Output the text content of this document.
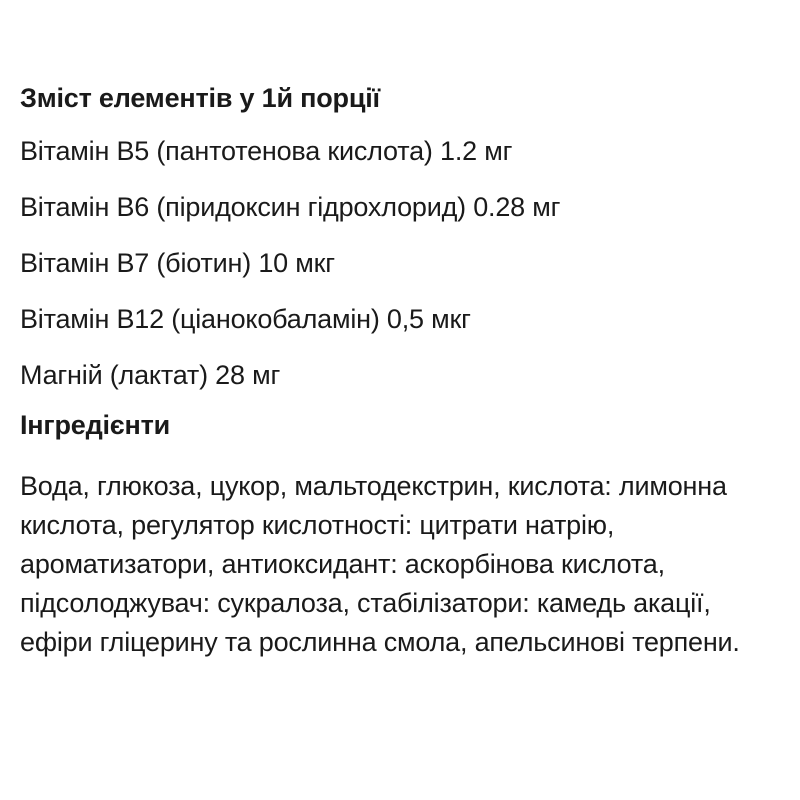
Зміст елементів у 1й порції

Вітамін B5 (пантотенова кислота) 1.2 мг

Вітамін B6 (піридоксин гідрохлорид) 0.28 мг

Вітамін B7 (біотин) 10 мкг

Вітамін B12 (ціанокобаламін) 0,5 мкг

Магній (лактат) 28 мг

Інгредієнти

Вода, глюкоза, цукор, мальтодекстрин, кислота: лимонна кислота, регулятор кислотності: цитрати натрію, ароматизатори, антиоксидант: аскорбінова кислота, підсолоджувач: сукралоза, стабілізатори: камедь акації, ефіри гліцерину та рослинна смола, апельсинові терпени.
